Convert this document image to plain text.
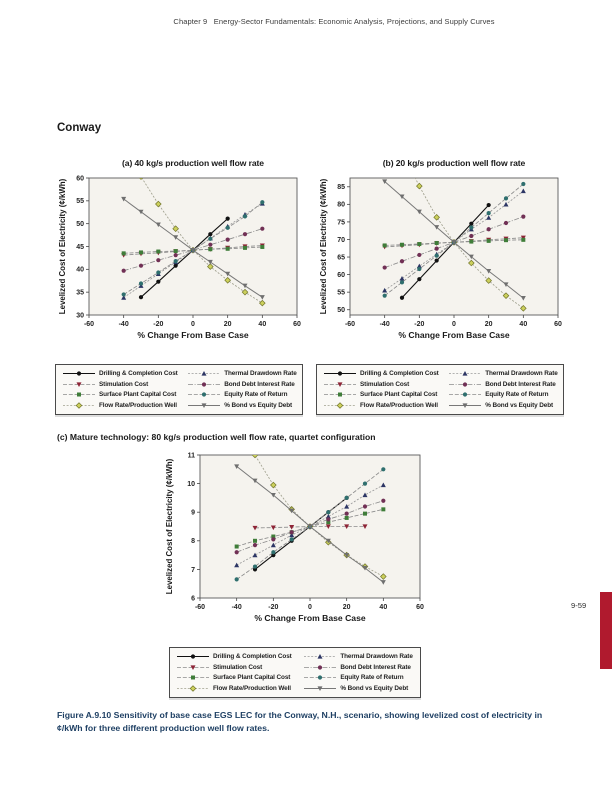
Chapter 9   Energy-Sector Fundamentals: Economic Analysis, Projections, and Supply Curves
Conway
(a) 40 kg/s production well flow rate
-60	-40	-20	0	20	40	60
30
35
40
45
50
55
60
% Change From Base Case
Levelized Cost of Electricity (¢/kWh)
Drilling & Completion Cost
Stimulation Cost
Surface Plant Capital Cost
Flow Rate/Production Well
Thermal Drawdown Rate
Bond Debt Interest Rate
Equity Rate of Return
% Bond vs Equity Debt
(b) 20 kg/s production well flow rate
-60	-40	-20	0	20	40	60
50
55
60
65
70
75
80
85
% Change From Base Case
Levelized Cost of Electricity (¢/kWh)
Drilling & Completion Cost
Stimulation Cost
Surface Plant Capital Cost
Flow Rate/Production Well
Thermal Drawdown Rate
Bond Debt Interest Rate
Equity Rate of Return
% Bond vs Equity Debt
(c) Mature technology: 80 kg/s production well flow rate, quartet configuration
-60	-40	-20	0	20	40	60
6
7
8
9
10
11
% Change From Base Case
Levelized Cost of Electricity (¢/kWh)
Drilling & Completion Cost
Stimulation Cost
Surface Plant Capital Cost
Flow Rate/Production Well
Thermal Drawdown Rate
Bond Debt Interest Rate
Equity Rate of Return
% Bond vs Equity Debt
Figure A.9.10 Sensitivity of base case EGS LEC for the Conway, N.H., scenario, showing levelized cost of electricity in ¢/kWh for three different production well flow rates.
9-59
